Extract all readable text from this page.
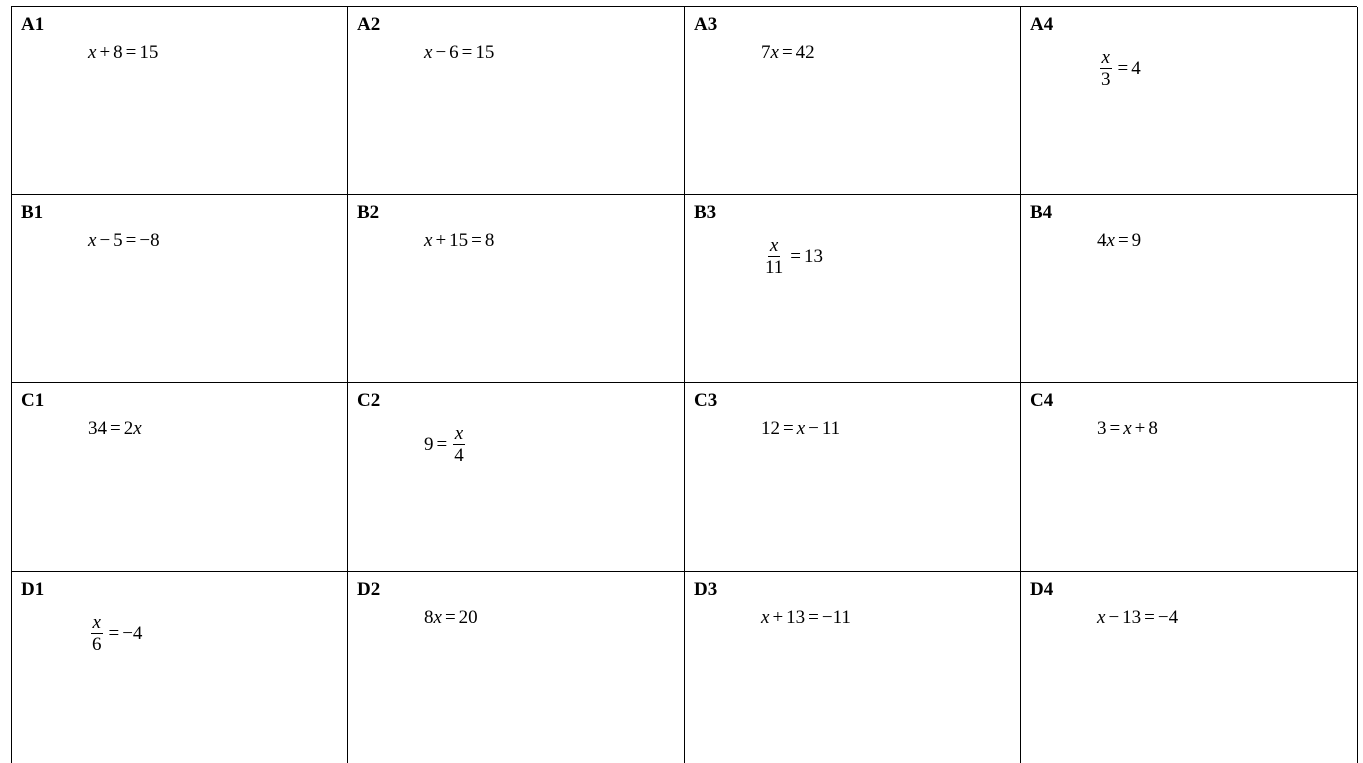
A1
x + 8 = 15
A2
x − 6 = 15
A3
7 x = 42
A4
$\frac{x}{3} = 4$
B1
x − 5 = −8
B2
x + 15 = 8
B3
$\frac{x}{11} = 13$
B4
4 x = 9
C1
34 = 2 x
C2
$9 = \frac{x}{4}$
C3
12 = x − 11
C4
3 = x + 8
D1
$\frac{x}{6} = -4$
D2
8 x = 20
D3
x + 13 = −11
D4
x − 13 = −4
